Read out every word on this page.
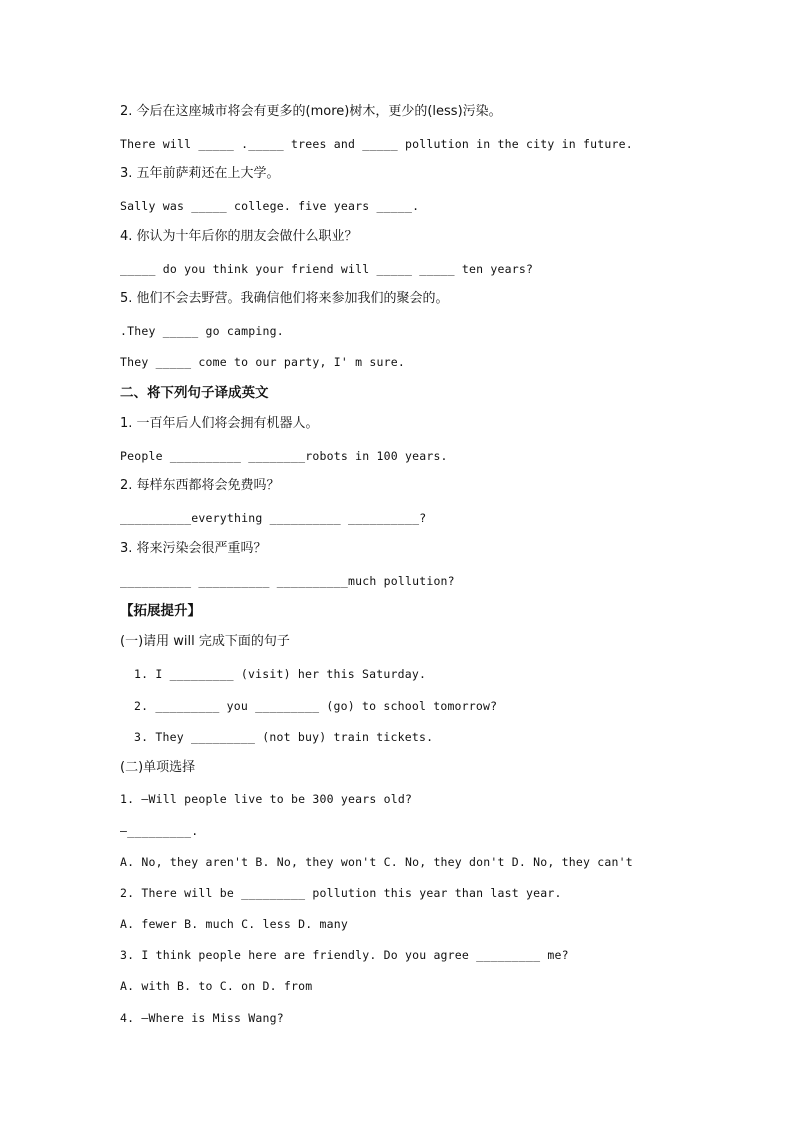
2. 今后在这座城市将会有更多的(more)树木，更少的(less)污染。
There will _____ ._____ trees and _____ pollution in the city in future.
3. 五年前萨莉还在上大学。
Sally was _____ college. five years _____.
4. 你认为十年后你的朋友会做什么职业？
_____ do you think your friend will _____ _____ ten years?
5. 他们不会去野营。我确信他们将来参加我们的聚会的。
.They _____ go camping.
They _____ come to our party, I' m sure.
二、将下列句子译成英文
1. 一百年后人们将会拥有机器人。
People __________ ________robots in 100 years.
2. 每样东西都将会免费吗？
__________everything __________ __________?
3. 将来污染会很严重吗？
__________ __________ __________much pollution?
【拓展提升】
(一)请用 will 完成下面的句子
1. I _________ (visit) her this Saturday.
2. _________ you _________ (go) to school tomorrow?
3. They _________ (not buy) train tickets.
(二)单项选择
1. —Will people live to be 300 years old?
—_________.
A. No, they aren't B. No, they won't C. No, they don't D. No, they can't
2. There will be _________ pollution this year than last year.
A. fewer B. much C. less D. many
3. I think people here are friendly. Do you agree _________ me?
A. with B. to C. on D. from
4. —Where is Miss Wang?
